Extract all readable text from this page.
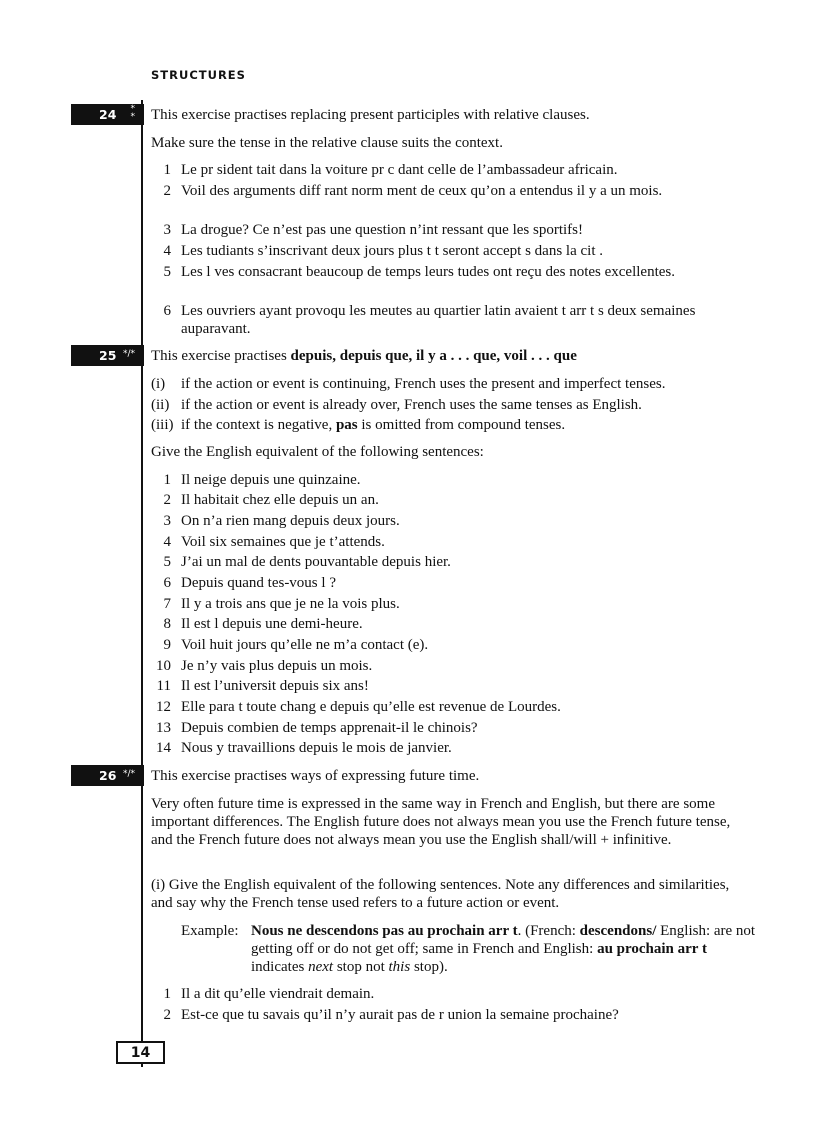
STRUCTURES
24 *
* This exercise practises replacing present participles with relative clauses.
Make sure the tense in the relative clause suits the context.
1 Le pr sident tait dans la voiture pr c dant celle de l’ambassadeur africain.
2 Voil des arguments diff rant norm ment de ceux qu’on a entendus il y a un mois.
3 La drogue? Ce n’est pas une question n’int ressant que les sportifs!
4 Les tudiants s’inscrivant deux jours plus t t seront accept s dans la cit .
5 Les l ves consacrant beaucoup de temps leurs tudes ont reçu des notes excellentes.
6 Les ouvriers ayant provoqu les meutes au quartier latin avaient t arr t s deux semaines auparavant.
25 */* This exercise practises depuis, depuis que, il y a . . . que, voil . . . que
(i) if the action or event is continuing, French uses the present and imperfect tenses.
(ii) if the action or event is already over, French uses the same tenses as English.
(iii) if the context is negative, pas is omitted from compound tenses.
Give the English equivalent of the following sentences:
1 Il neige depuis une quinzaine.
2 Il habitait chez elle depuis un an.
3 On n’a rien mang depuis deux jours.
4 Voil six semaines que je t’attends.
5 J’ai un mal de dents pouvantable depuis hier.
6 Depuis quand tes-vous l ?
7 Il y a trois ans que je ne la vois plus.
8 Il est l depuis une demi-heure.
9 Voil huit jours qu’elle ne m’a contact (e).
10 Je n’y vais plus depuis un mois.
11 Il est l’universit depuis six ans!
12 Elle para t toute chang e depuis qu’elle est revenue de Lourdes.
13 Depuis combien de temps apprenait-il le chinois?
14 Nous y travaillions depuis le mois de janvier.
26 */* This exercise practises ways of expressing future time.
Very often future time is expressed in the same way in French and English, but there are some important differences. The English future does not always mean you use the French future tense, and the French future does not always mean you use the English shall/will + infinitive.
(i) Give the English equivalent of the following sentences. Note any differences and similarities, and say why the French tense used refers to a future action or event.
Example: Nous ne descendons pas au prochain arr t. (French: descendons/ English: are not getting off or do not get off; same in French and English: au prochain arr t indicates next stop not this stop).
1 Il a dit qu’elle viendrait demain.
2 Est-ce que tu savais qu’il n’y aurait pas de r union la semaine prochaine?
14
